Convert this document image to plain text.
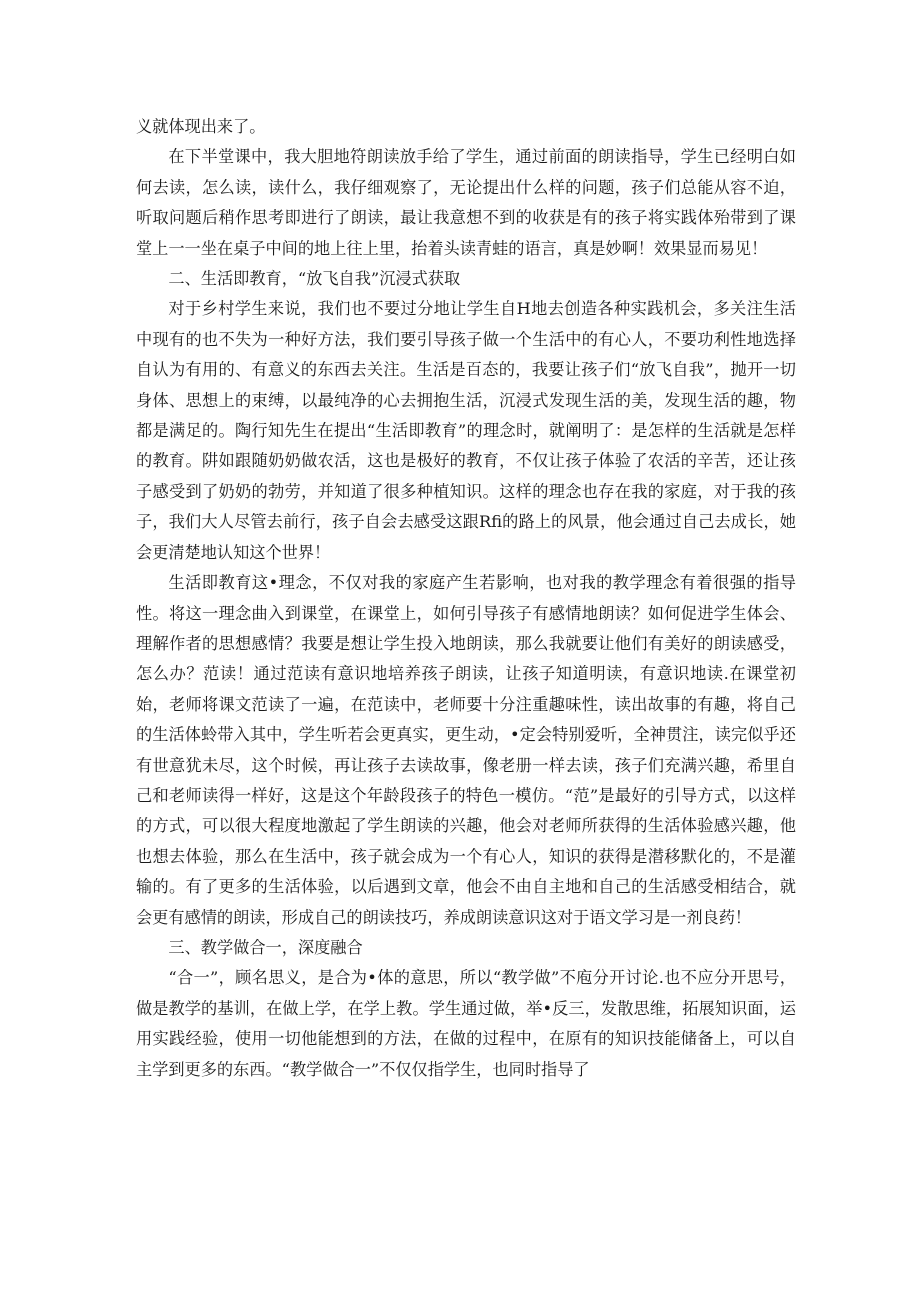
义就体现出来了。

在下半堂课中，我大胆地符朗读放手给了学生，通过前面的朗读指导，学生已经明白如何去读，怎么读，读什么，我仔细观察了，无论提出什么样的问题，孩子们总能从容不迫，听取问题后稍作思考即进行了朗读，最让我意想不到的收获是有的孩子将实践体殆带到了课堂上一一坐在桌子中间的地上往上里，抬着头读青蛙的语言，真是妙啊！效果显而易见！

二、生活即教育，“放飞自我”沉浸式获取

对于乡村学生来说，我们也不要过分地让学生自H地去创造各种实践机会，多关注生活中现有的也不失为一种好方法，我们要引导孩子做一个生活中的有心人，不要功利性地选择自认为有用的、有意义的东西去关注。生活是百态的，我要让孩子们“放飞自我”，抛开一切身体、思想上的束缚，以最纯净的心去拥抱生活，沉浸式发现生活的美，发现生活的趣，物都是满足的。陶行知先生在提出“生活即教育”的理念时，就阐明了：是怎样的生活就是怎样的教育。阱如跟随奶奶做农活，这也是极好的教育，不仅让孩子体验了农活的辛苦，还让孩子感受到了奶奶的勃劳，并知道了很多种植知识。这样的理念也存在我的家庭，对于我的孩子，我们大人尽管去前行，孩子自会去感受这跟Rfi的路上的风景，他会通过自己去成长，她会更清楚地认知这个世界！

生活即教育这•理念，不仅对我的家庭产生若影响，也对我的教学理念有着很强的指导性。将这一理念曲入到课堂，在课堂上，如何引导孩子有感情地朗读？如何促进学生体会、理解作者的思想感情？我要是想让学生投入地朗读，那么我就要让他们有美好的朗读感受，怎么办？范读！通过范读有意识地培养孩子朗读，让孩子知道明读，有意识地读.在课堂初始，老师将课文范读了一遍，在范读中，老师要十分注重趣味性，读出故事的有趣，将自己的生活体蛉带入其中，学生听若会更真实，更生动，•定会特别爱听，全神贯注，读完似乎还有世意犹未尽，这个时候，再让孩子去读故事，像老册一样去读，孩子们充满兴趣，希里自己和老师读得一样好，这是这个年龄段孩子的特色一模仿。“范”是最好的引导方式，以这样的方式，可以很大程度地激起了学生朗读的兴趣，他会对老师所获得的生活体验感兴趣，他也想去体验，那么在生活中，孩子就会成为一个有心人，知识的获得是潜移默化的，不是灌输的。有了更多的生活体验，以后遇到文章，他会不由自主地和自己的生活感受相结合，就会更有感情的朗读，形成自己的朗读技巧，养成朗读意识这对于语文学习是一剂良药！

三、教学做合一，深度融合

“合一”，顾名思义，是合为•体的意思，所以“教学做”不庖分开讨论.也不应分开思号，做是教学的基训，在做上学，在学上教。学生通过做，举•反三，发散思维，拓展知识面，运用实践经验，使用一切他能想到的方法，在做的过程中，在原有的知识技能储备上，可以自主学到更多的东西。“教学做合一”不仅仅指学生，也同时指导了
